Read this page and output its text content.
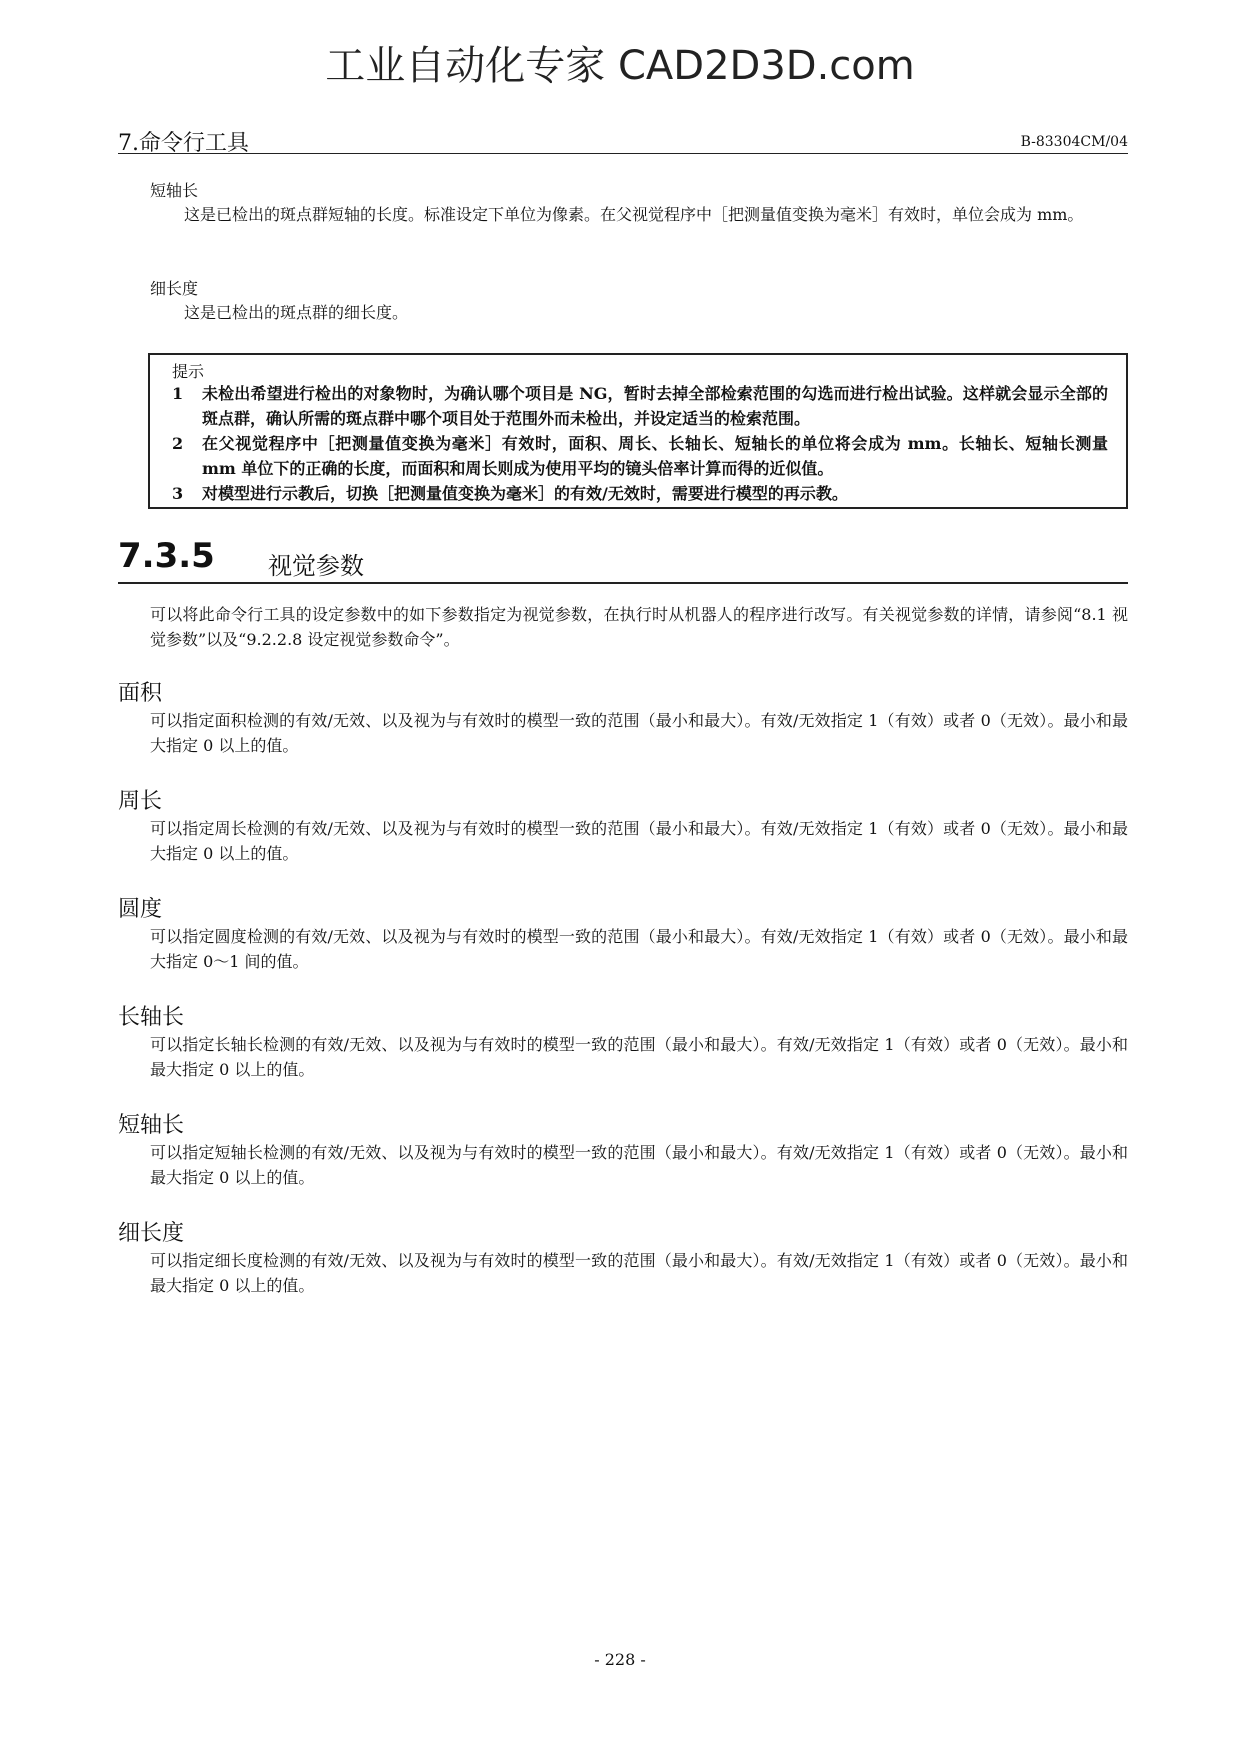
工业自动化专家 CAD2D3D.com
7.命令行工具	B-83304CM/04
短轴长
这是已检出的斑点群短轴的长度。标准设定下单位为像素。在父视觉程序中［把测量值变换为毫米］有效时，单位会成为 mm。
细长度
这是已检出的斑点群的细长度。
提示
1 未检出希望进行检出的对象物时，为确认哪个项目是 NG，暂时去掉全部检索范围的勾选而进行检出试验。这样就会显示全部的斑点群，确认所需的斑点群中哪个项目处于范围外而未检出，并设定适当的检索范围。
2 在父视觉程序中［把测量值变换为毫米］有效时，面积、周长、长轴长、短轴长的单位将会成为 mm。长轴长、短轴长测量 mm 单位下的正确的长度，而面积和周长则成为使用平均的镜头倍率计算而得的近似值。
3 对模型进行示教后，切换［把测量值变换为毫米］的有效/无效时，需要进行模型的再示教。
7.3.5 视觉参数
可以将此命令行工具的设定参数中的如下参数指定为视觉参数，在执行时从机器人的程序进行改写。有关视觉参数的详情，请参阅“8.1 视觉参数”以及“9.2.2.8 设定视觉参数命令”。
面积
可以指定面积检测的有效/无效、以及视为与有效时的模型一致的范围（最小和最大）。有效/无效指定 1（有效）或者 0（无效）。最小和最大指定 0 以上的值。
周长
可以指定周长检测的有效/无效、以及视为与有效时的模型一致的范围（最小和最大）。有效/无效指定 1（有效）或者 0（无效）。最小和最大指定 0 以上的值。
圆度
可以指定圆度检测的有效/无效、以及视为与有效时的模型一致的范围（最小和最大）。有效/无效指定 1（有效）或者 0（无效）。最小和最大指定 0～1 间的值。
长轴长
可以指定长轴长检测的有效/无效、以及视为与有效时的模型一致的范围（最小和最大）。有效/无效指定 1（有效）或者 0（无效）。最小和最大指定 0 以上的值。
短轴长
可以指定短轴长检测的有效/无效、以及视为与有效时的模型一致的范围（最小和最大）。有效/无效指定 1（有效）或者 0（无效）。最小和最大指定 0 以上的值。
细长度
可以指定细长度检测的有效/无效、以及视为与有效时的模型一致的范围（最小和最大）。有效/无效指定 1（有效）或者 0（无效）。最小和最大指定 0 以上的值。
- 228 -
